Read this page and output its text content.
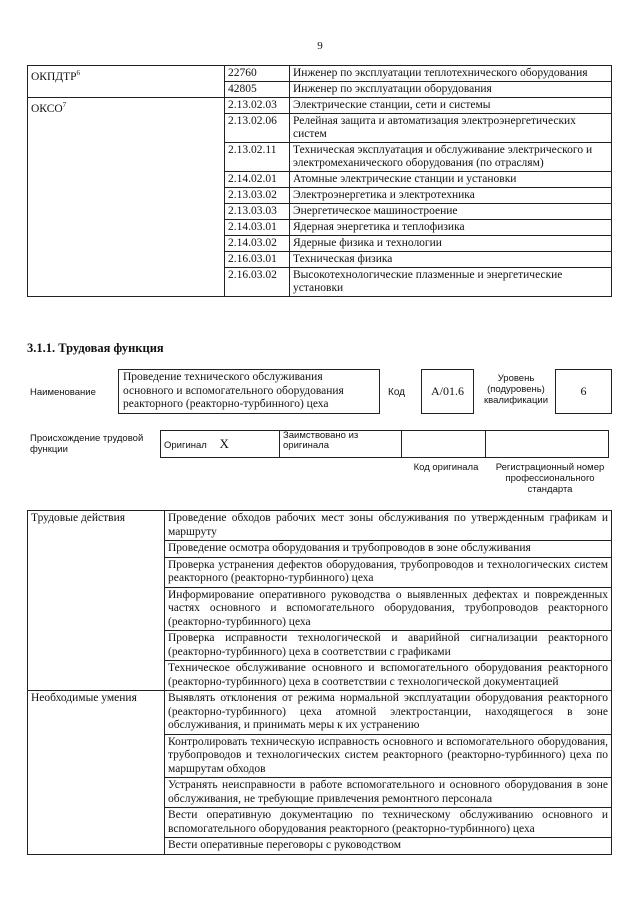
9
ОКПДТР$^6$	22760	Инженер по эксплуатации теплотехнического оборудования
	42805	Инженер по эксплуатации оборудования
ОКСО$^7$	2.13.02.03	Электрические станции, сети и системы
	2.13.02.06	Релейная защита и автоматизация электроэнергетических систем
	2.13.02.11	Техническая эксплуатация и обслуживание электрического и электромеханического оборудования (по отраслям)
	2.14.02.01	Атомные электрические станции и установки
	2.13.03.02	Электроэнергетика и электротехника
	2.13.03.03	Энергетическое машиностроение
	2.14.03.01	Ядерная энергетика и теплофизика
	2.14.03.02	Ядерные физика и технологии
	2.16.03.01	Техническая физика
	2.16.03.02	Высокотехнологические плазменные и энергетические установки
3.1.1. Трудовая функция
Наименование
Проведение технического обслуживания основного и вспомогательного оборудования реакторного (реакторно-турбинного) цеха
Код	A/01.6
Уровень (подуровень) квалификации
6
Происхождение трудовой функции	Оригинал X	Заимствовано из оригинала		
Код оригинала	Регистрационный номер профессионального стандарта
Трудовые действия	Проведение обходов рабочих мест зоны обслуживания по утвержденным графикам и маршруту
	Проведение осмотра оборудования и трубопроводов в зоне обслуживания
	Проверка устранения дефектов оборудования, трубопроводов и технологических систем реакторного (реакторно-турбинного) цеха
	Информирование оперативного руководства о выявленных дефектах и поврежденных частях основного и вспомогательного оборудования, трубопроводов реакторного (реакторно-турбинного) цеха
	Проверка исправности технологической и аварийной сигнализации реакторного (реакторно-турбинного) цеха в соответствии с графиками
	Техническое обслуживание основного и вспомогательного оборудования реакторного (реакторно-турбинного) цеха в соответствии с технологической документацией
Необходимые умения	Выявлять отклонения от режима нормальной эксплуатации оборудования реакторного (реакторно-турбинного) цеха атомной электростанции, находящегося в зоне обслуживания, и принимать меры к их устранению
	Контролировать техническую исправность основного и вспомогательного оборудования, трубопроводов и технологических систем реакторного (реакторно-турбинного) цеха по маршрутам обходов
	Устранять неисправности в работе вспомогательного и основного оборудования в зоне обслуживания, не требующие привлечения ремонтного персонала
	Вести оперативную документацию по техническому обслуживанию основного и вспомогательного оборудования реакторного (реакторно-турбинного) цеха
	Вести оперативные переговоры с руководством
